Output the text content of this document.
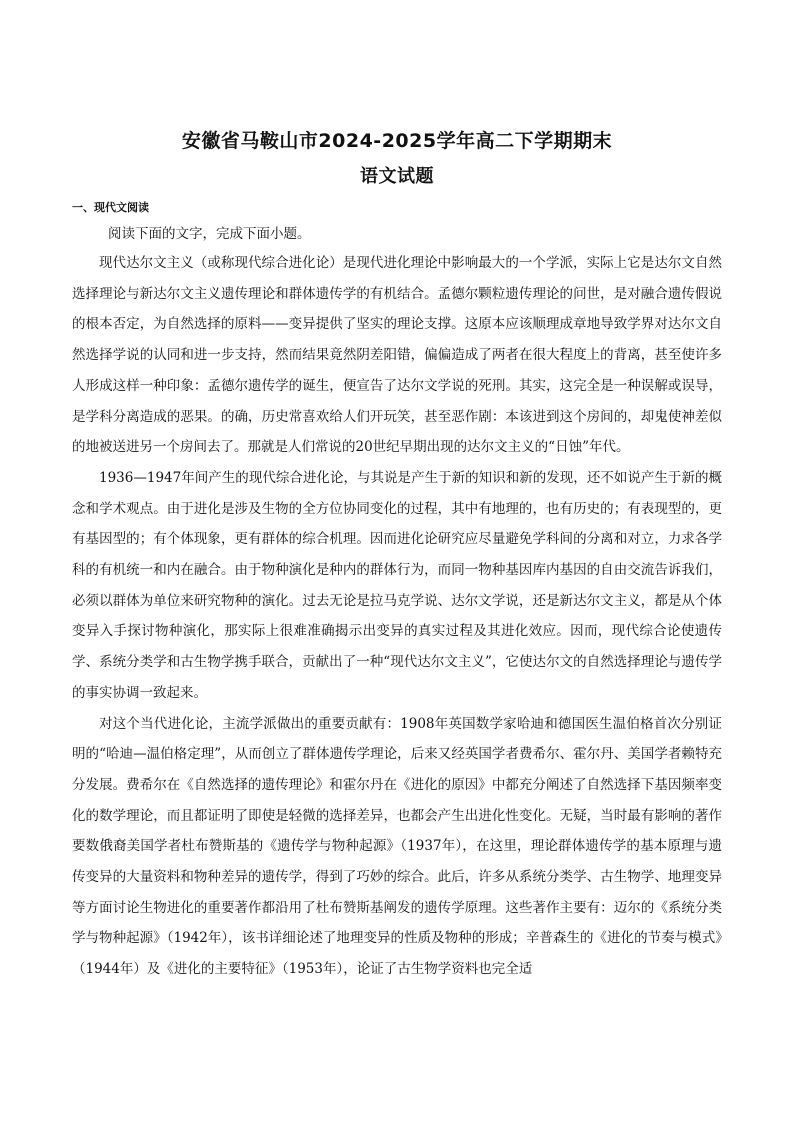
安徽省马鞍山市2024-2025学年高二下学期期末
语文试题
一、现代文阅读
阅读下面的文字，完成下面小题。

现代达尔文主义（或称现代综合进化论）是现代进化理论中影响最大的一个学派，实际上它是达尔文自然选择理论与新达尔文主义遗传理论和群体遗传学的有机结合。孟德尔颗粒遗传理论的问世，是对融合遗传假说的根本否定，为自然选择的原料——变异提供了坚实的理论支撑。这原本应该顺理成章地导致学界对达尔文自然选择学说的认同和进一步支持，然而结果竟然阴差阳错，偏偏造成了两者在很大程度上的背离，甚至使许多人形成这样一种印象：孟德尔遗传学的诞生，便宣告了达尔文学说的死刑。其实，这完全是一种误解或误导，是学科分离造成的恶果。的确，历史常喜欢给人们开玩笑，甚至恶作剧：本该进到这个房间的，却鬼使神差似的地被送进另一个房间去了。那就是人们常说的20世纪早期出现的达尔文主义的“日蚀”年代。

1936—1947年间产生的现代综合进化论，与其说是产生于新的知识和新的发现，还不如说产生于新的概念和学术观点。由于进化是涉及生物的全方位协同变化的过程，其中有地理的，也有历史的；有表现型的，更有基因型的；有个体现象，更有群体的综合机理。因而进化论研究应尽量避免学科间的分离和对立，力求各学科的有机统一和内在融合。由于物种演化是种内的群体行为，而同一物种基因库内基因的自由交流告诉我们，必须以群体为单位来研究物种的演化。过去无论是拉马克学说、达尔文学说，还是新达尔文主义，都是从个体变异入手探讨物种演化，那实际上很难准确揭示出变异的真实过程及其进化效应。因而，现代综合论使遗传学、系统分类学和古生物学携手联合，贡献出了一种“现代达尔文主义”，它使达尔文的自然选择理论与遗传学的事实协调一致起来。

对这个当代进化论，主流学派做出的重要贡献有：1908年英国数学家哈迪和德国医生温伯格首次分别证明的“哈迪—温伯格定理”，从而创立了群体遗传学理论，后来又经英国学者费希尔、霍尔丹、美国学者赖特充分发展。费希尔在《自然选择的遗传理论》和霍尔丹在《进化的原因》中都充分阐述了自然选择下基因频率变化的数学理论，而且都证明了即使是轻微的选择差异，也都会产生出进化性变化。无疑，当时最有影响的著作要数俄裔美国学者杜布赞斯基的《遗传学与物种起源》（1937年），在这里，理论群体遗传学的基本原理与遗传变异的大量资料和物种差异的遗传学，得到了巧妙的综合。此后，许多从系统分类学、古生物学、地理变异等方面讨论生物进化的重要著作都沿用了杜布赞斯基阐发的遗传学原理。这些著作主要有：迈尔的《系统分类学与物种起源》（1942年），该书详细论述了地理变异的性质及物种的形成；辛普森生的《进化的节奏与模式》（1944年）及《进化的主要特征》（1953年），论证了古生物学资料也完全适
